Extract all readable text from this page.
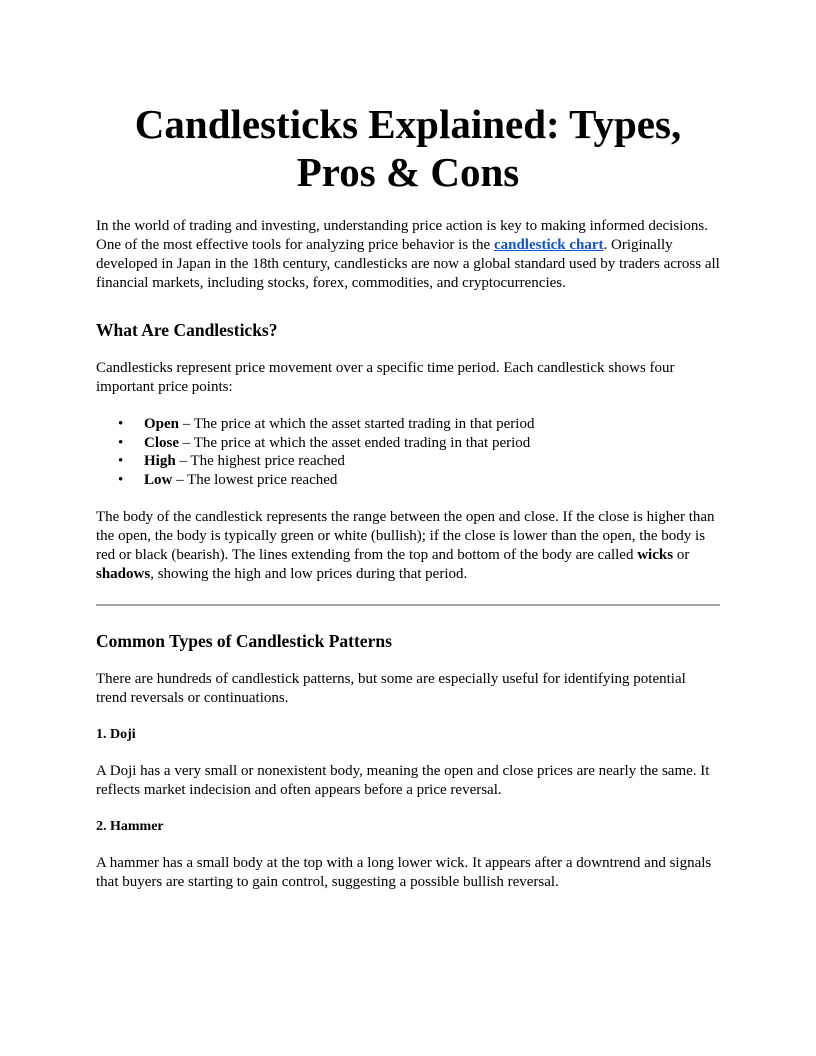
Candlesticks Explained: Types,
Pros & Cons

In the world of trading and investing, understanding price action is key to making informed decisions. One of the most effective tools for analyzing price behavior is the candlestick chart. Originally developed in Japan in the 18th century, candlesticks are now a global standard used by traders across all financial markets, including stocks, forex, commodities, and cryptocurrencies.

What Are Candlesticks?

Candlesticks represent price movement over a specific time period. Each candlestick shows four important price points:

• Open – The price at which the asset started trading in that period
• Close – The price at which the asset ended trading in that period
• High – The highest price reached
• Low – The lowest price reached

The body of the candlestick represents the range between the open and close. If the close is higher than the open, the body is typically green or white (bullish); if the close is lower than the open, the body is red or black (bearish). The lines extending from the top and bottom of the body are called wicks or shadows, showing the high and low prices during that period.

Common Types of Candlestick Patterns

There are hundreds of candlestick patterns, but some are especially useful for identifying potential trend reversals or continuations.

1. Doji

A Doji has a very small or nonexistent body, meaning the open and close prices are nearly the same. It reflects market indecision and often appears before a price reversal.

2. Hammer

A hammer has a small body at the top with a long lower wick. It appears after a downtrend and signals that buyers are starting to gain control, suggesting a possible bullish reversal.
